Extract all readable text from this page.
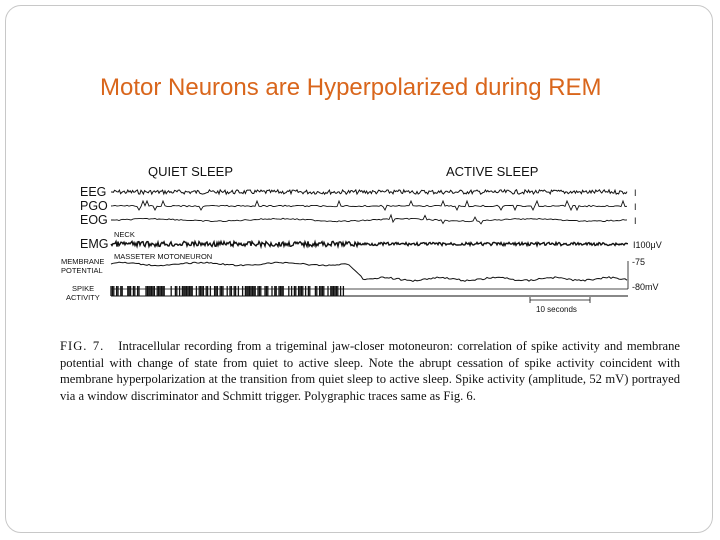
Motor Neurons are Hyperpolarized during REM
QUIET SLEEP	ACTIVE SLEEP
EEG
PGO
EOG
EMG
NECK
I
I
I
I100μV
MEMBRANE
POTENTIAL
MASSETER MOTONEURON
-75
-80mV
SPIKE
ACTIVITY
10 seconds
FIG. 7. Intracellular recording from a trigeminal jaw-closer motoneuron: correlation of spike activity and membrane potential with change of state from quiet to active sleep. Note the abrupt cessation of spike activity coincident with membrane hyperpolarization at the transition from quiet sleep to active sleep. Spike activity (amplitude, 52 mV) portrayed via a window discriminator and Schmitt trigger. Polygraphic traces same as Fig. 6.
